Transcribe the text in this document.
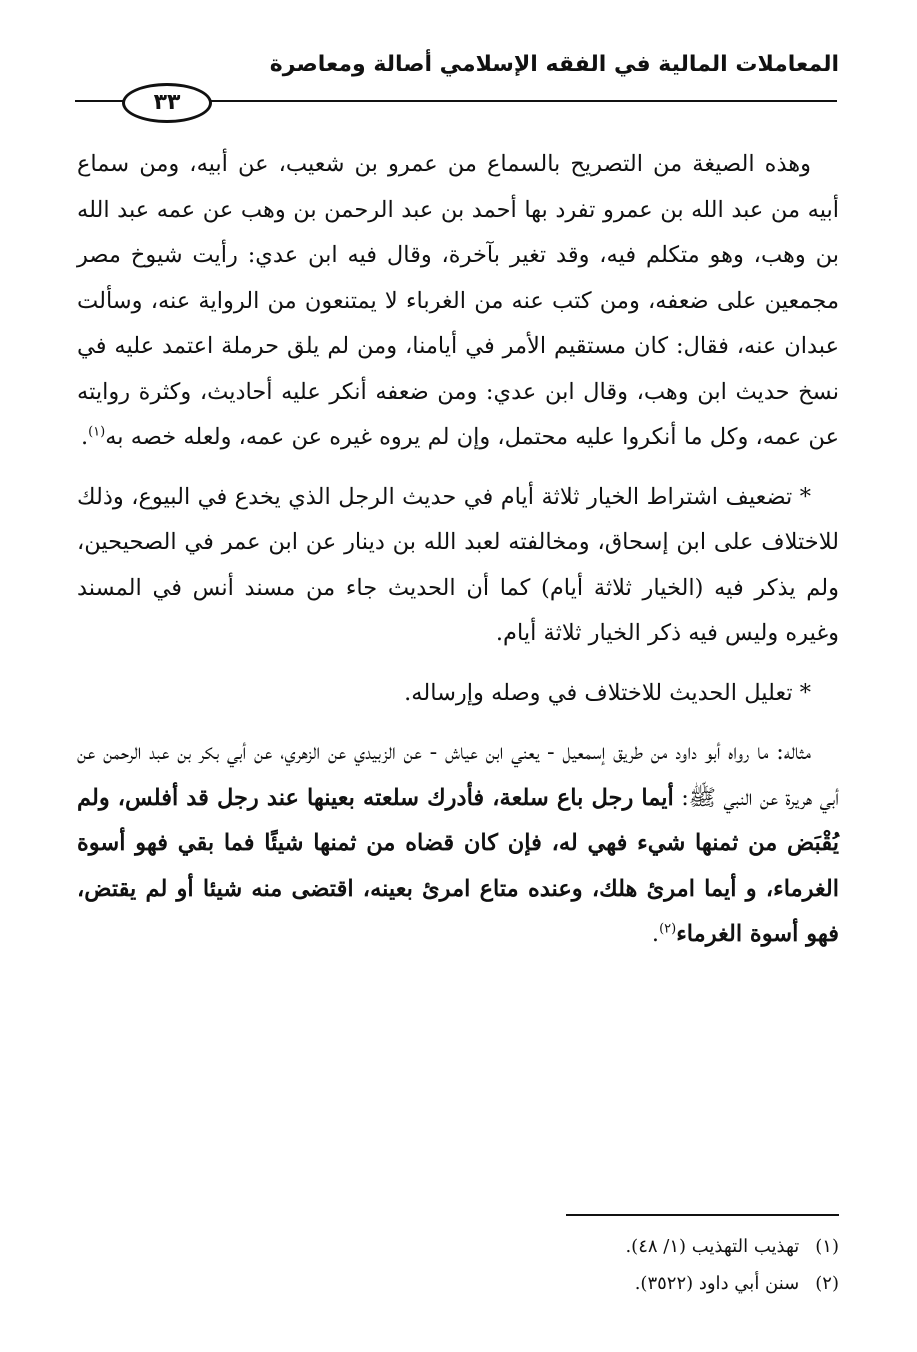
المعاملات المالية في الفقه الإسلامي أصالة ومعاصرة
٣٣

وهذه الصيغة من التصريح بالسماع من عمرو بن شعيب، عن أبيه، ومن سماع أبيه من عبد الله بن عمرو تفرد بها أحمد بن عبد الرحمن بن وهب عن عمه عبد الله بن وهب، وهو متكلم فيه، وقد تغير بآخرة، وقال فيه ابن عدي: رأيت شيوخ مصر مجمعين على ضعفه، ومن كتب عنه من الغرباء لا يمتنعون من الرواية عنه، وسألت عبدان عنه، فقال: كان مستقيم الأمر في أيامنا، ومن لم يلق حرملة اعتمد عليه في نسخ حديث ابن وهب، وقال ابن عدي: ومن ضعفه أنكر عليه أحاديث، وكثرة روايته عن عمه، وكل ما أنكروا عليه محتمل، وإن لم يروه غيره عن عمه، ولعله خصه به$^{(١)}$.

* تضعيف اشتراط الخيار ثلاثة أيام في حديث الرجل الذي يخدع في البيوع، وذلك للاختلاف على ابن إسحاق، ومخالفته لعبد الله بن دينار عن ابن عمر في الصحيحين، ولم يذكر فيه (الخيار ثلاثة أيام) كما أن الحديث جاء من مسند أنس في المسند وغيره وليس فيه ذكر الخيار ثلاثة أيام.

* تعليل الحديث للاختلاف في وصله وإرساله.

مثاله: ما رواه أبو داود من طريق إسمعيل - يعني ابن عياش - عن الزبيدي عن الزهري، عن أبي بكر بن عبد الرحمن عن أبي هريرة عن النبي ﷺ: أيما رجل باع سلعة، فأدرك سلعته بعينها عند رجل قد أفلس، ولم يُقْبَض من ثمنها شيء فهي له، فإن كان قضاه من ثمنها شيئًا فما بقي فهو أسوة الغرماء، و أيما امرئ هلك، وعنده متاع امرئ بعينه، اقتضى منه شيئا أو لم يقتض، فهو أسوة الغرماء$^{(٢)}$.

(١) تهذيب التهذيب (١/ ٤٨).

(٢) سنن أبي داود (٣٥٢٢).
